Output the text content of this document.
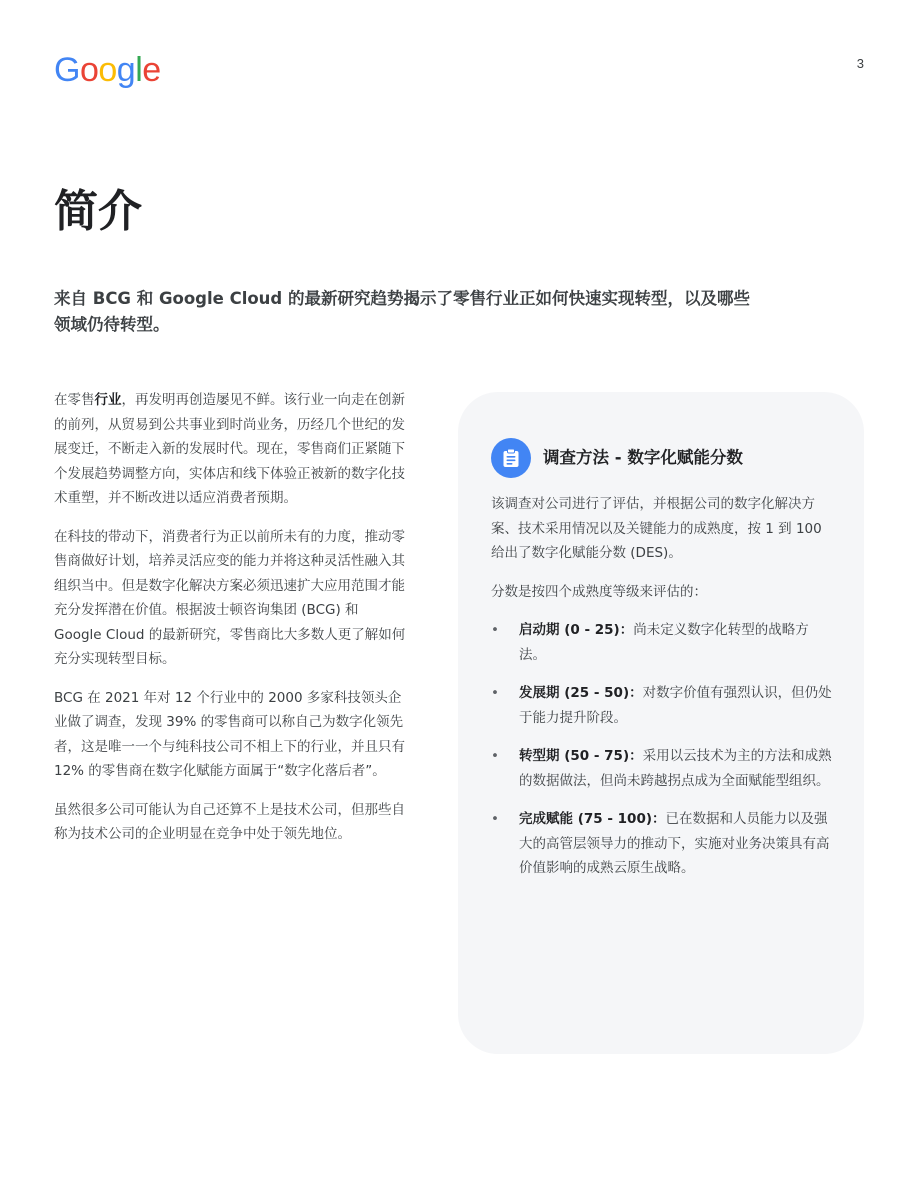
Google	3
简介
来自 BCG 和 Google Cloud 的最新研究趋势揭示了零售行业正如何快速实现转型，以及哪些领域仍待转型。

在零售行业，再发明再创造屡见不鲜。该行业一向走在创新的前列，从贸易到公共事业到时尚业务，历经几个世纪的发展变迁，不断走入新的发展时代。现在，零售商们正紧随下个发展趋势调整方向，实体店和线下体验正被新的数字化技术重塑，并不断改进以适应消费者预期。

在科技的带动下，消费者行为正以前所未有的力度，推动零售商做好计划，培养灵活应变的能力并将这种灵活性融入其组织当中。但是数字化解决方案必须迅速扩大应用范围才能充分发挥潜在价值。根据波士顿咨询集团 (BCG) 和 Google Cloud 的最新研究，零售商比大多数人更了解如何充分实现转型目标。

BCG 在 2021 年对 12 个行业中的 2000 多家科技领头企业做了调查，发现 39% 的零售商可以称自己为数字化领先者，这是唯一一个与纯科技公司不相上下的行业，并且只有 12% 的零售商在数字化赋能方面属于“数字化落后者”。

虽然很多公司可能认为自己还算不上是技术公司，但那些自称为技术公司的企业明显在竞争中处于领先地位。

调查方法 - 数字化赋能分数

该调查对公司进行了评估，并根据公司的数字化解决方案、技术采用情况以及关键能力的成熟度，按 1 到 100 给出了数字化赋能分数 (DES)。

分数是按四个成熟度等级来评估的：

• 启动期 (0 - 25)：尚未定义数字化转型的战略方法。
• 发展期 (25 - 50)：对数字价值有强烈认识，但仍处于能力提升阶段。
• 转型期 (50 - 75)：采用以云技术为主的方法和成熟的数据做法，但尚未跨越拐点成为全面赋能型组织。
• 完成赋能 (75 - 100)：已在数据和人员能力以及强大的高管层领导力的推动下，实施对业务决策具有高价值影响的成熟云原生战略。
